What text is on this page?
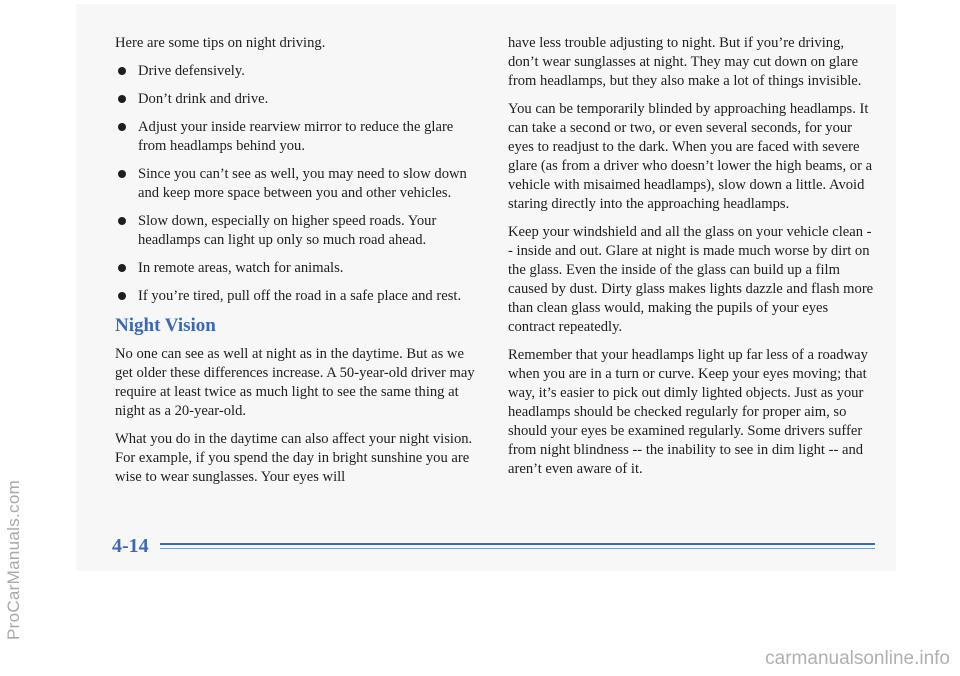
Here are some tips on night driving.

Drive defensively.
Don’t drink and drive.
Adjust your inside rearview mirror to reduce the glare from headlamps behind you.
Since you can’t see as well, you may need to slow down and keep more space between you and other vehicles.
Slow down, especially on higher speed roads. Your headlamps can light up only so much road ahead.
In remote areas, watch for animals.
If you’re tired, pull off the road in a safe place and rest.
Night Vision

No one can see as well at night as in the daytime. But as we get older these differences increase. A 50-year-old driver may require at least twice as much light to see the same thing at night as a 20-year-old.

What you do in the daytime can also affect your night vision. For example, if you spend the day in bright sunshine you are wise to wear sunglasses. Your eyes will

have less trouble adjusting to night. But if you’re driving, don’t wear sunglasses at night. They may cut down on glare from headlamps, but they also make a lot of things invisible.

You can be temporarily blinded by approaching headlamps. It can take a second or two, or even several seconds, for your eyes to readjust to the dark. When you are faced with severe glare (as from a driver who doesn’t lower the high beams, or a vehicle with misaimed headlamps), slow down a little. Avoid staring directly into the approaching headlamps.

Keep your windshield and all the glass on your vehicle clean -- inside and out. Glare at night is made much worse by dirt on the glass. Even the inside of the glass can build up a film caused by dust. Dirty glass makes lights dazzle and flash more than clean glass would, making the pupils of your eyes contract repeatedly.

Remember that your headlamps light up far less of a roadway when you are in a turn or curve. Keep your eyes moving; that way, it’s easier to pick out dimly lighted objects. Just as your headlamps should be checked regularly for proper aim, so should your eyes be examined regularly. Some drivers suffer from night blindness -- the inability to see in dim light -- and aren’t even aware of it.

4-14
ProCarManuals.com
carmanualsonline.info
